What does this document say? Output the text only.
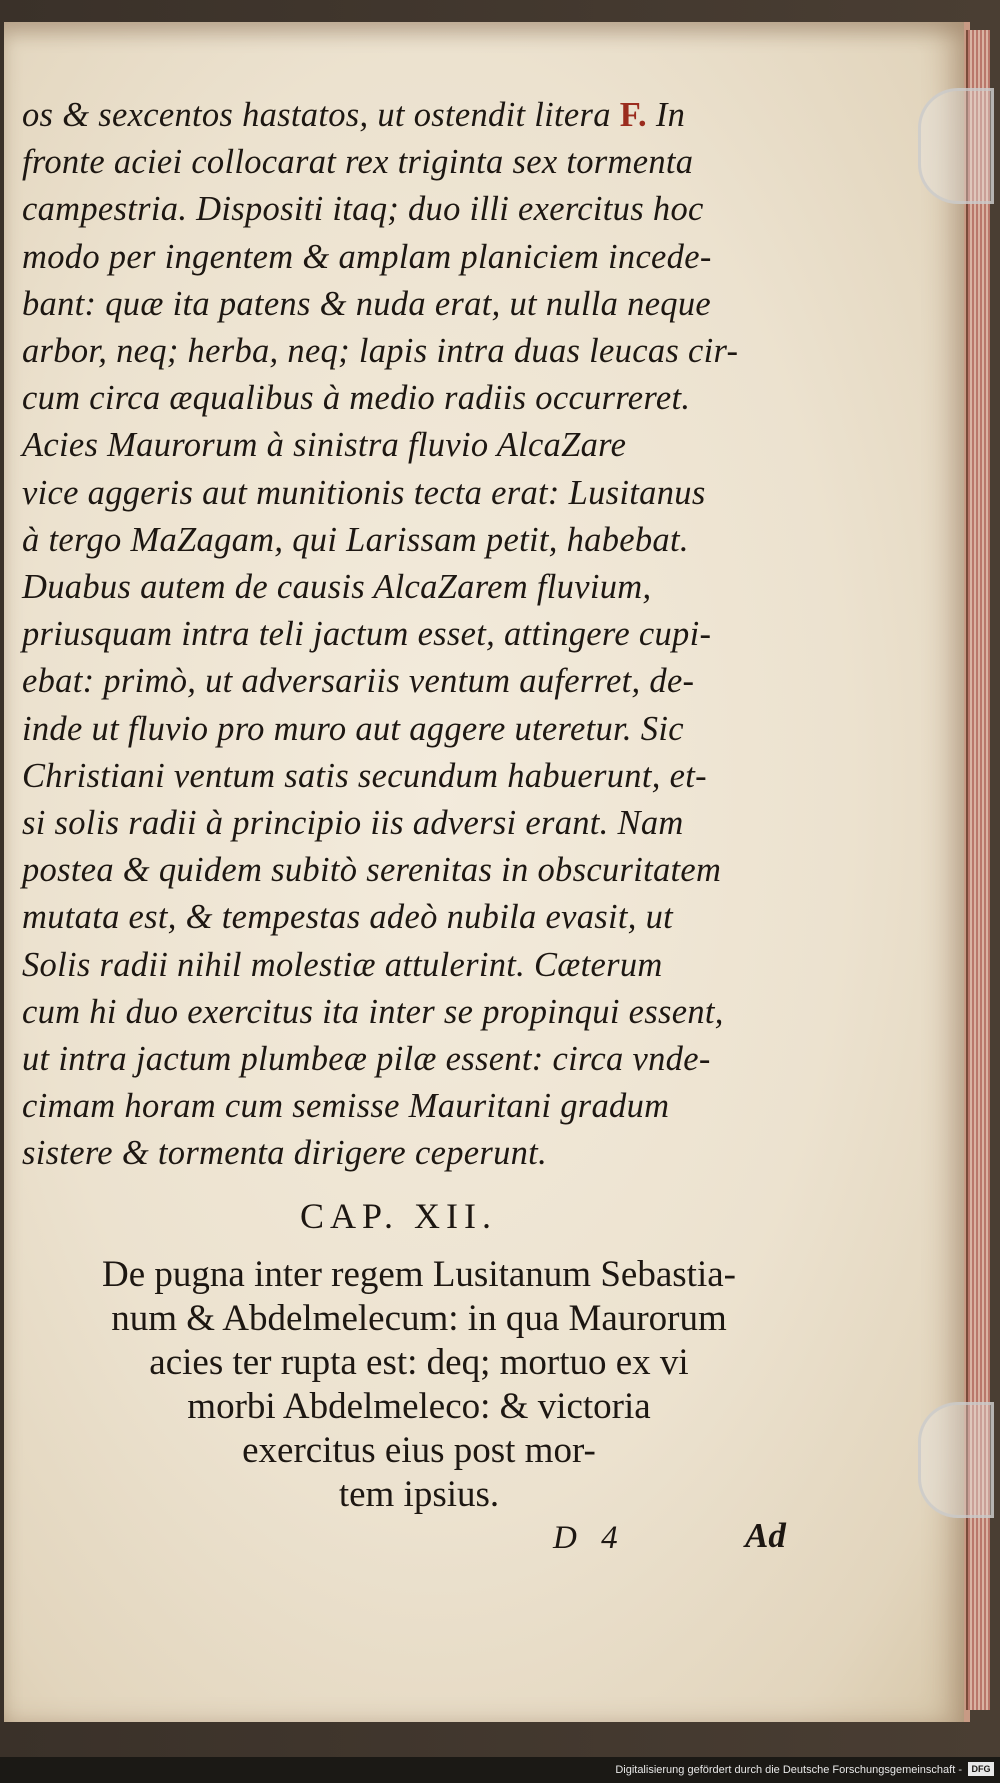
os & sexcentos hastatos, ut ostendit litera F. In
fronte aciei collocarat rex triginta sex tormenta
campestria. Dispositi itaq; duo illi exercitus hoc
modo per ingentem & amplam planiciem incede-
bant: quæ ita patens & nuda erat, ut nulla neque
arbor, neq; herba, neq; lapis intra duas leucas cir-
cum circa æqualibus à medio radiis occurreret.
Acies Maurorum à sinistra fluvio AlcaZare
vice aggeris aut munitionis tecta erat: Lusitanus
à tergo MaZagam, qui Larissam petit, habebat.
Duabus autem de causis AlcaZarem fluvium,
priusquam intra teli jactum esset, attingere cupi-
ebat: primò, ut adversariis ventum auferret, de-
inde ut fluvio pro muro aut aggere uteretur. Sic
Christiani ventum satis secundum habuerunt, et-
si solis radii à principio iis adversi erant. Nam
postea & quidem subitò serenitas in obscuritatem
mutata est, & tempestas adeò nubila evasit, ut
Solis radii nihil molestiæ attulerint. Cæterum
cum hi duo exercitus ita inter se propinqui essent,
ut intra jactum plumbeæ pilæ essent: circa vnde-
cimam horam cum semisse Mauritani gradum
sistere & tormenta dirigere ceperunt.

CAP. XII.
De pugna inter regem Lusitanum Sebastia-
num & Abdelmelecum: in qua Maurorum
acies ter rupta est: deq; mortuo ex vi
morbi Abdelmeleco: & victoria
exercitus eius post mor-
tem ipsius.
D 4	Ad
Digitalisierung gefördert durch die Deutsche Forschungsgemeinschaft -	DFG
